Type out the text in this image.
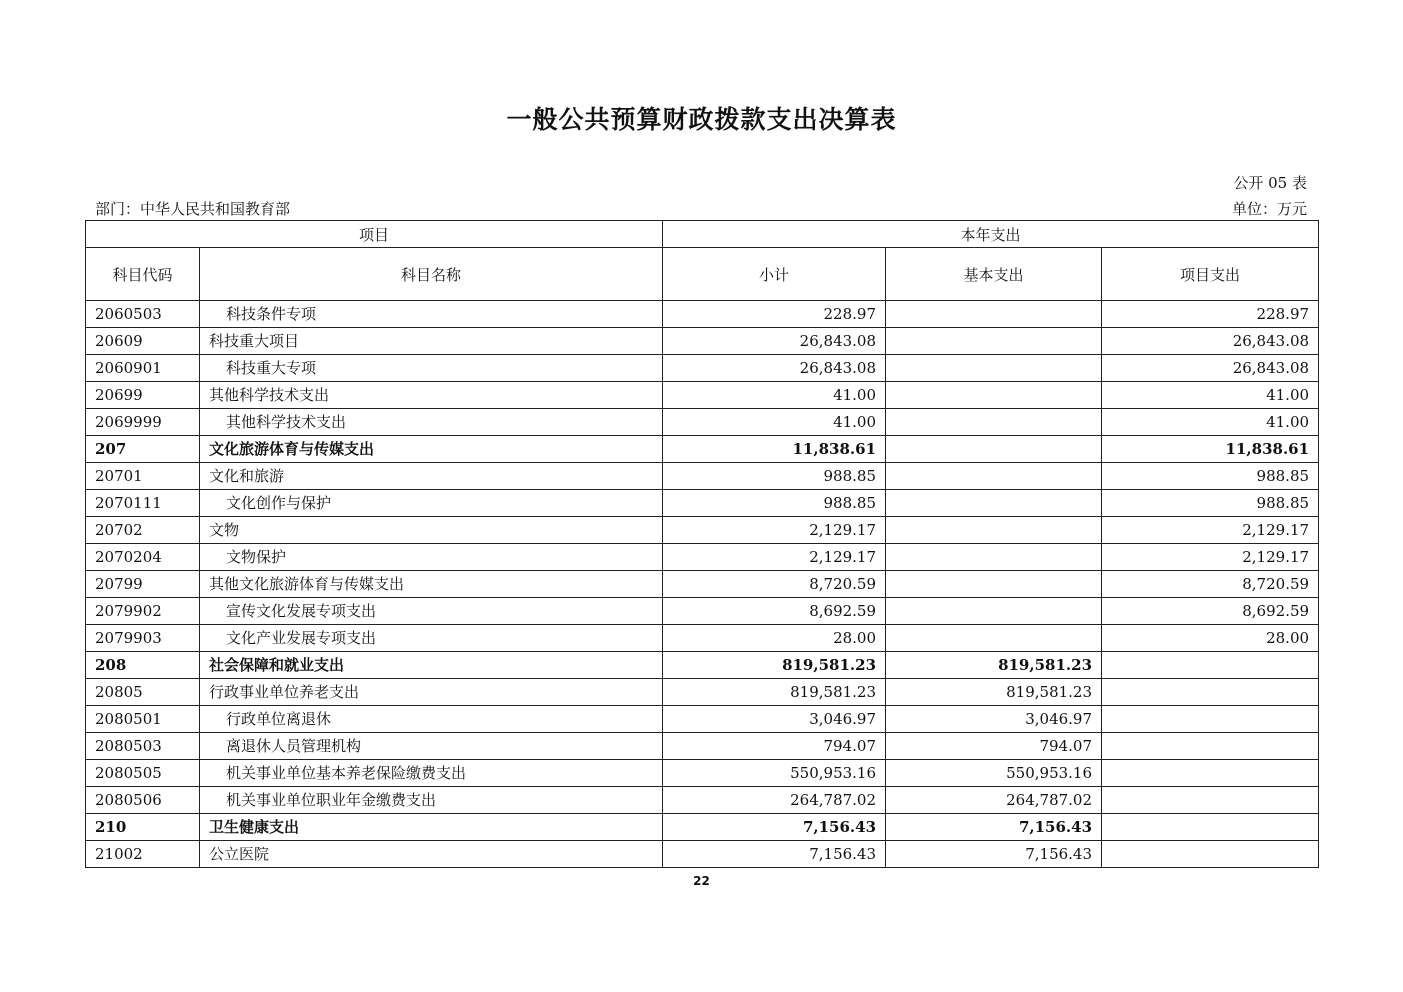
一般公共预算财政拨款支出决算表
公开 05 表
部门：中华人民共和国教育部	单位：万元
项目		本年支出		
科目代码	科目名称	小计	基本支出	项目支出
2060503	科技条件专项	228.97		228.97
20609	科技重大项目	26,843.08		26,843.08
2060901	科技重大专项	26,843.08		26,843.08
20699	其他科学技术支出	41.00		41.00
2069999	其他科学技术支出	41.00		41.00
207	文化旅游体育与传媒支出	11,838.61		11,838.61
20701	文化和旅游	988.85		988.85
2070111	文化创作与保护	988.85		988.85
20702	文物	2,129.17		2,129.17
2070204	文物保护	2,129.17		2,129.17
20799	其他文化旅游体育与传媒支出	8,720.59		8,720.59
2079902	宣传文化发展专项支出	8,692.59		8,692.59
2079903	文化产业发展专项支出	28.00		28.00
208	社会保障和就业支出	819,581.23	819,581.23	
20805	行政事业单位养老支出	819,581.23	819,581.23	
2080501	行政单位离退休	3,046.97	3,046.97	
2080503	离退休人员管理机构	794.07	794.07	
2080505	机关事业单位基本养老保险缴费支出	550,953.16	550,953.16	
2080506	机关事业单位职业年金缴费支出	264,787.02	264,787.02	
210	卫生健康支出	7,156.43	7,156.43	
21002	公立医院	7,156.43	7,156.43	
22
